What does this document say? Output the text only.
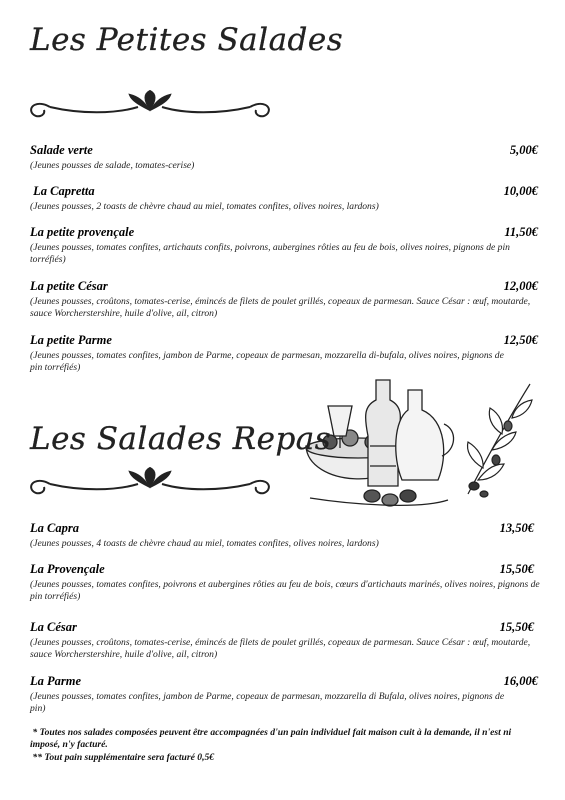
Les Petites Salades
Salade verte	5,00€
(Jeunes pousses de salade, tomates-cerise)
La Capretta	10,00€
(Jeunes pousses, 2 toasts de chèvre chaud au miel, tomates confites, olives noires, lardons)
La petite provençale	11,50€
(Jeunes pousses, tomates confites, artichauts confits, poivrons, aubergines rôties au feu de bois, olives noires, pignons de pin torréfiés)
La petite César	12,00€
(Jeunes pousses, croûtons, tomates-cerise, émincés de filets de poulet grillés, copeaux de parmesan. Sauce César : œuf, moutarde, sauce Worcherstershire, huile d'olive, ail, citron)
La petite Parme	12,50€
(Jeunes pousses, tomates confites, jambon de Parme, copeaux de parmesan, mozzarella di-bufala, olives noires, pignons de pin torréfiés)
Les Salades Repas
La Capra	13,50€
(Jeunes pousses, 4 toasts de chèvre chaud au miel, tomates confites, olives noires, lardons)
La Provençale	15,50€
(Jeunes pousses, tomates confites, poivrons et aubergines rôties au feu de bois, cœurs d'artichauts marinés, olives noires, pignons de pin torréfiés)
La César	15,50€
(Jeunes pousses, croûtons, tomates-cerise, émincés de filets de poulet grillés, copeaux de parmesan. Sauce César : œuf, moutarde, sauce Worcherstershire, huile d'olive, ail, citron)
La Parme	16,00€
(Jeunes pousses, tomates confites, jambon de Parme, copeaux de parmesan, mozzarella di Bufala, olives noires, pignons de pin)
* Toutes nos salades composées peuvent être accompagnées d'un pain individuel fait maison cuit à la demande, il n'est ni imposé, n'y facturé.
** Tout pain supplémentaire sera facturé 0,5€
